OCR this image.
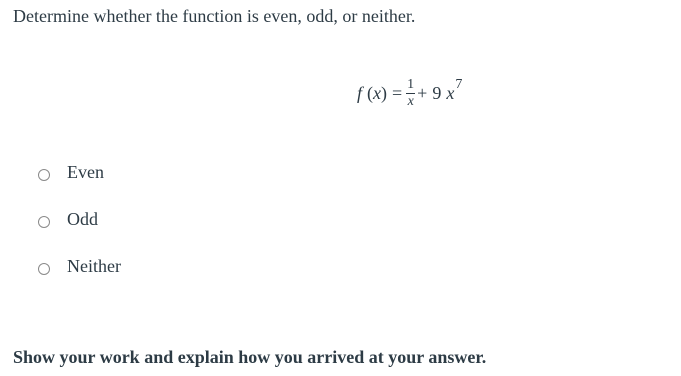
Determine whether the function is even, odd, or neither.
f ( x ) = $\frac{1}{x} + 9$ x 7
Even
Odd
Neither
Show your work and explain how you arrived at your answer.
